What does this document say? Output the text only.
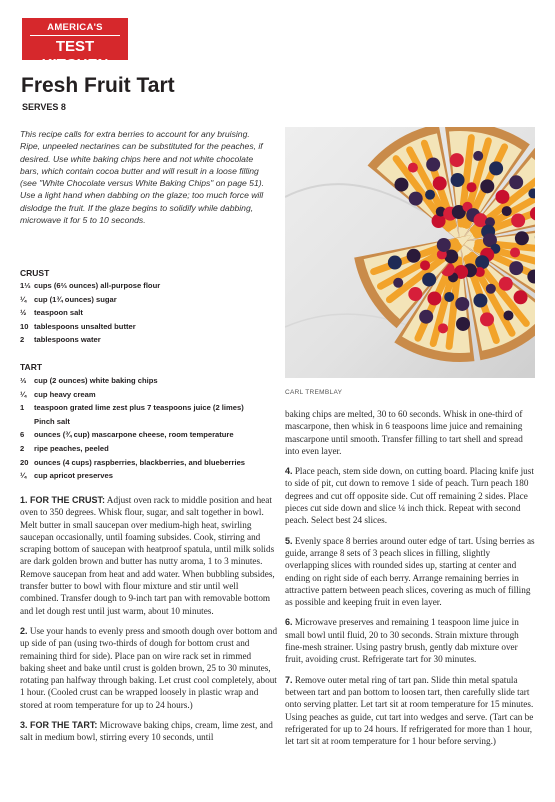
AMERICA'S
TEST KITCHEN
Fresh Fruit Tart
SERVES 8
This recipe calls for extra berries to account for any bruising. Ripe, unpeeled nectarines can be substituted for the peaches, if desired. Use white baking chips here and not white chocolate bars, which contain cocoa butter and will result in a loose filling (see "White Chocolate versus White Baking Chips" on page 51). Use a light hand when dabbing on the glaze; too much force will dislodge the fruit. If the glaze begins to solidify while dabbing, microwave it for 5 to 10 seconds.
CARL TREMBLAY
CRUST
1⅓ cups (6⅔ ounces) all-purpose flour
¼	cup (1¾ ounces) sugar
½	teaspoon salt
10 tablespoons unsalted butter
2	tablespoons water
TART
⅓	cup (2 ounces) white baking chips
¼	cup heavy cream
1	teaspoon grated lime zest plus 7 teaspoons juice (2 limes)
Pinch salt
6	ounces (¾ cup) mascarpone cheese, room temperature
2	ripe peaches, peeled
20 ounces (4 cups) raspberries, blackberries, and blueberries
¼	cup apricot preserves

1. FOR THE CRUST: Adjust oven rack to middle position and heat oven to 350 degrees. Whisk flour, sugar, and salt together in bowl. Melt butter in small saucepan over medium-high heat, swirling saucepan occasionally, until foaming subsides. Cook, stirring and scraping bottom of saucepan with heatproof spatula, until milk solids are dark golden brown and butter has nutty aroma, 1 to 3 minutes. Remove saucepan from heat and add water. When bubbling subsides, transfer butter to bowl with flour mixture and stir until well combined. Transfer dough to 9-inch tart pan with removable bottom and let dough rest until just warm, about 10 minutes.

2. Use your hands to evenly press and smooth dough over bottom and up side of pan (using two-thirds of dough for bottom crust and remaining third for side). Place pan on wire rack set in rimmed baking sheet and bake until crust is golden brown, 25 to 30 minutes, rotating pan halfway through baking. Let crust cool completely, about 1 hour. (Cooled crust can be wrapped loosely in plastic wrap and stored at room temperature for up to 24 hours.)

3. FOR THE TART: Microwave baking chips, cream, lime zest, and salt in medium bowl, stirring every 10 seconds, until

baking chips are melted, 30 to 60 seconds. Whisk in one-third of mascarpone, then whisk in 6 teaspoons lime juice and remaining mascarpone until smooth. Transfer filling to tart shell and spread into even layer.

4. Place peach, stem side down, on cutting board. Placing knife just to side of pit, cut down to remove 1 side of peach. Turn peach 180 degrees and cut off opposite side. Cut off remaining 2 sides. Place pieces cut side down and slice ¼ inch thick. Repeat with second peach. Select best 24 slices.

5. Evenly space 8 berries around outer edge of tart. Using berries as guide, arrange 8 sets of 3 peach slices in filling, slightly overlapping slices with rounded sides up, starting at center and ending on right side of each berry. Arrange remaining berries in attractive pattern between peach slices, covering as much of filling as possible and keeping fruit in even layer.

6. Microwave preserves and remaining 1 teaspoon lime juice in small bowl until fluid, 20 to 30 seconds. Strain mixture through fine-mesh strainer. Using pastry brush, gently dab mixture over fruit, avoiding crust. Refrigerate tart for 30 minutes.

7. Remove outer metal ring of tart pan. Slide thin metal spatula between tart and pan bottom to loosen tart, then carefully slide tart onto serving platter. Let tart sit at room temperature for 15 minutes. Using peaches as guide, cut tart into wedges and serve. (Tart can be refrigerated for up to 24 hours. If refrigerated for more than 1 hour, let tart sit at room temperature for 1 hour before serving.)
